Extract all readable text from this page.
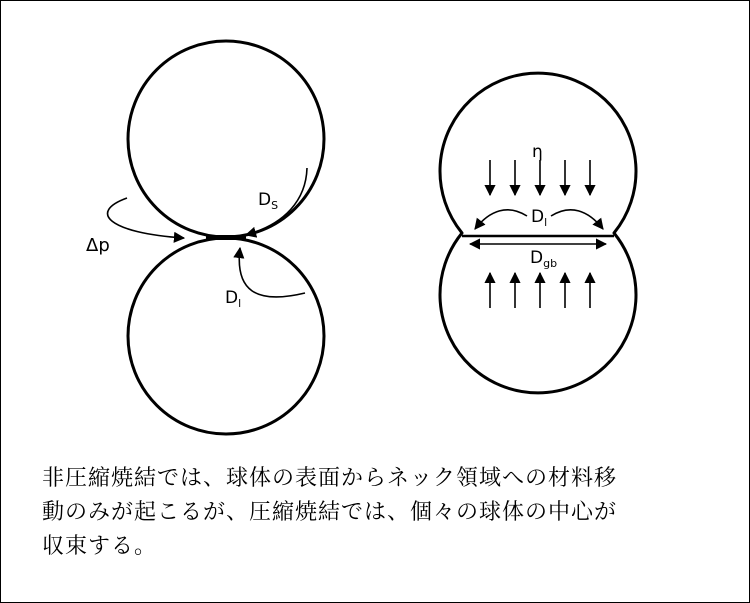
$D_S$
Δp
$D_l$
η
$D_l$
$D_{gb}$
非圧縮焼結では、球体の表面からネック領域への材料移
動のみが起こるが、圧縮焼結では、個々の球体の中心が
収束する。
